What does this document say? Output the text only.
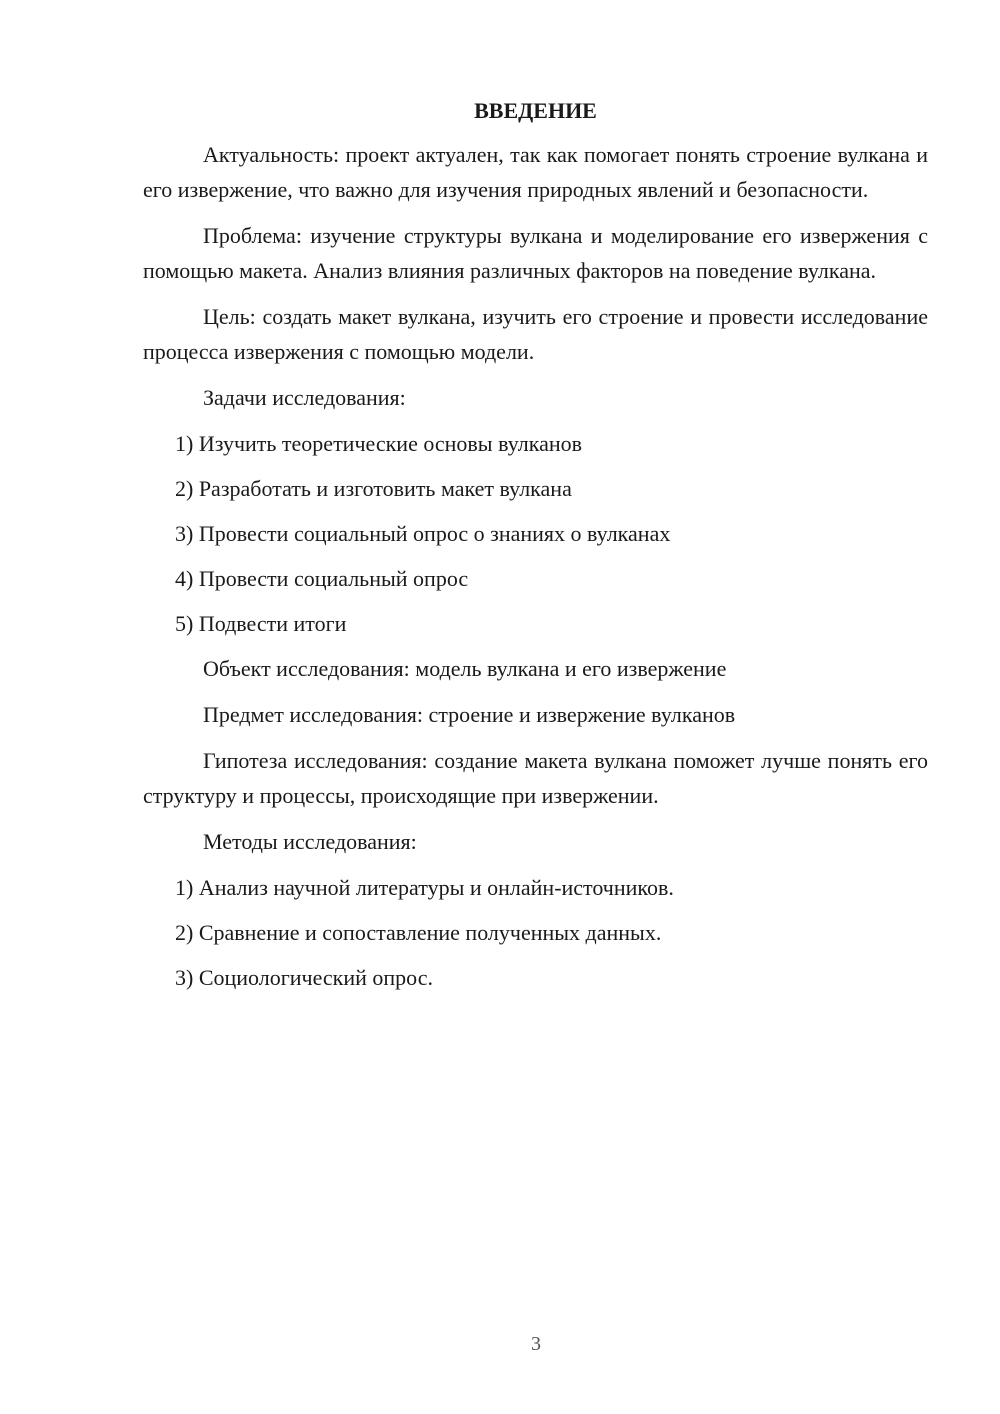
ВВЕДЕНИЕ

Актуальность: проект актуален, так как помогает понять строение вулкана и его извержение, что важно для изучения природных явлений и безопасности.

Проблема: изучение структуры вулкана и моделирование его извержения с помощью макета. Анализ влияния различных факторов на поведение вулкана.

Цель: создать макет вулкана, изучить его строение и провести исследование процесса извержения с помощью модели.

Задачи исследования:

1) Изучить теоретические основы вулканов
2) Разработать и изготовить макет вулкана
3) Провести социальный опрос о знаниях о вулканах
4) Провести социальный опрос
5) Подвести итоги

Объект исследования: модель вулкана и его извержение

Предмет исследования: строение и извержение вулканов

Гипотеза исследования: создание макета вулкана поможет лучше понять его структуру и процессы, происходящие при извержении.

Методы исследования:

1) Анализ научной литературы и онлайн-источников.
2) Сравнение и сопоставление полученных данных.
3) Социологический опрос.
3
